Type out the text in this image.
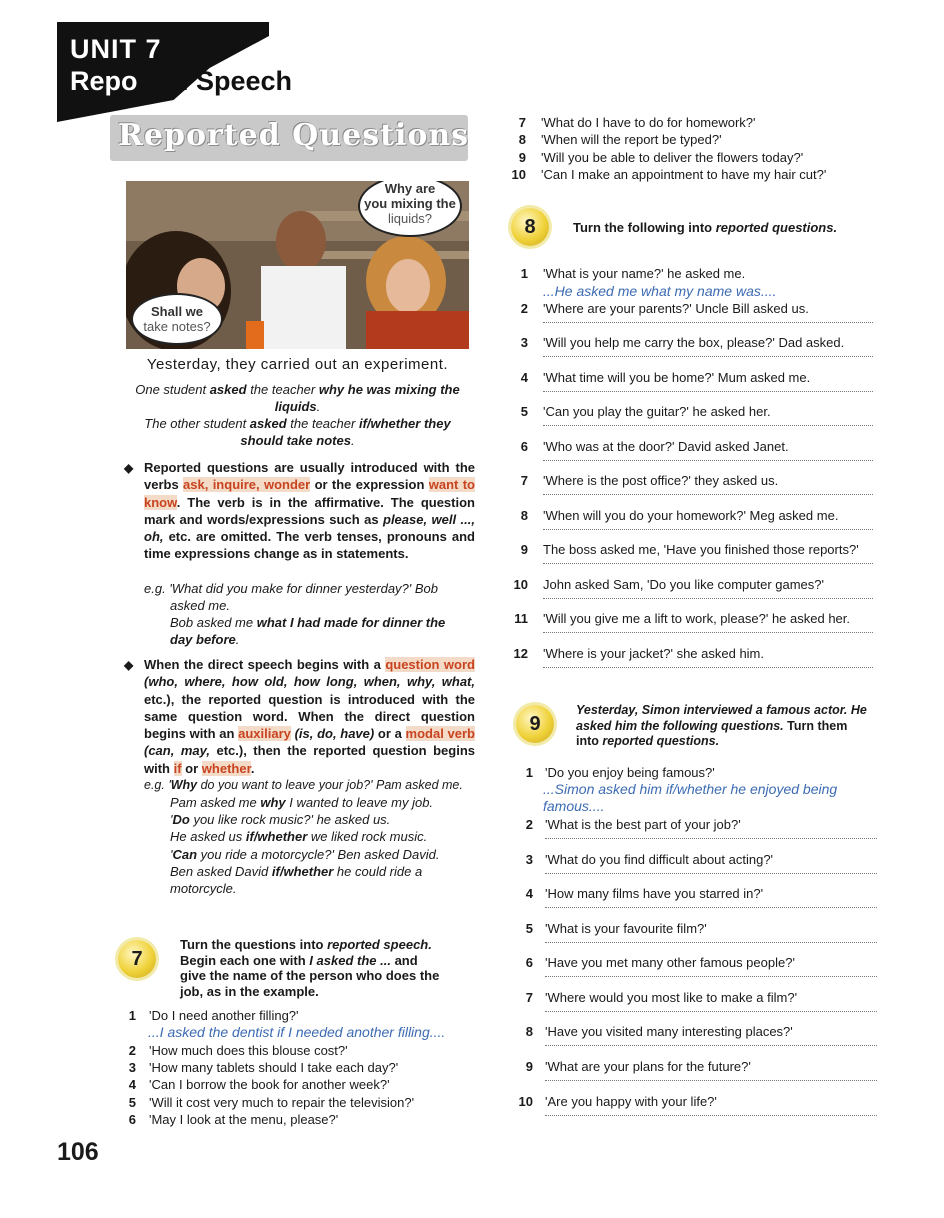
UNIT 7
Reported Speech
Reported Questions
Why are
you mixing the
liquids?
Shall we
take notes?
Yesterday, they carried out an experiment.
One student asked the teacher why he was mixing the
liquids.
The other student asked the teacher if/whether they
should take notes.
◆ Reported questions are usually introduced with the verbs ask, inquire, wonder or the expression want to know. The verb is in the affirmative. The question mark and words/expressions such as please, well ..., oh, etc. are omitted. The verb tenses, pronouns and time expressions change as in statements.
e.g. 'What did you make for dinner yesterday?' Bob
asked me.
Bob asked me what I had made for dinner the
day before.
◆ When the direct speech begins with a question word (who, where, how old, how long, when, why, what, etc.), the reported question is introduced with the same question word. When the direct question begins with an auxiliary (is, do, have) or a modal verb (can, may, etc.), then the reported question begins with if or whether.
e.g. 'Why do you want to leave your job?' Pam asked me.
Pam asked me why I wanted to leave my job.
'Do you like rock music?' he asked us.
He asked us if/whether we liked rock music.
'Can you ride a motorcycle?' Ben asked David.
Ben asked David if/whether he could ride a
motorcycle.
7
Turn the questions into reported speech.
Begin each one with I asked the ... and
give the name of the person who does the
job, as in the example.
1 'Do I need another filling?'
2 'How much does this blouse cost?'
3 'How many tablets should I take each day?'
4 'Can I borrow the book for another week?'
5 'Will it cost very much to repair the television?'
6 'May I look at the menu, please?'
7 'What do I have to do for homework?'
8 'When will the report be typed?'
9 'Will you be able to deliver the flowers today?'
10 'Can I make an appointment to have my hair cut?'
...I asked the dentist if I needed another filling....
8	Turn the following into reported questions.
1 'What is your name?' he asked me.
2 'Where are your parents?' Uncle Bill asked us.
3 'Will you help me carry the box, please?' Dad asked.
4 'What time will you be home?' Mum asked me.
5 'Can you play the guitar?' he asked her.
6 'Who was at the door?' David asked Janet.
7 'Where is the post office?' they asked us.
8 'When will you do your homework?' Meg asked me.
9 The boss asked me, 'Have you finished those reports?'
10 John asked Sam, 'Do you like computer games?'
11 'Will you give me a lift to work, please?' he asked her.
12 'Where is your jacket?' she asked him.
...He asked me what my name was....
9
Yesterday, Simon interviewed a famous actor. He
asked him the following questions. Turn them
into reported questions.
1 'Do you enjoy being famous?'
2 'What is the best part of your job?'
3 'What do you find difficult about acting?'
4 'How many films have you starred in?'
5 'What is your favourite film?'
6 'Have you met many other famous people?'
7 'Where would you most like to make a film?'
8 'Have you visited many interesting places?'
9 'What are your plans for the future?'
10 'Are you happy with your life?'
...Simon asked him if/whether he enjoyed being
famous....
106
